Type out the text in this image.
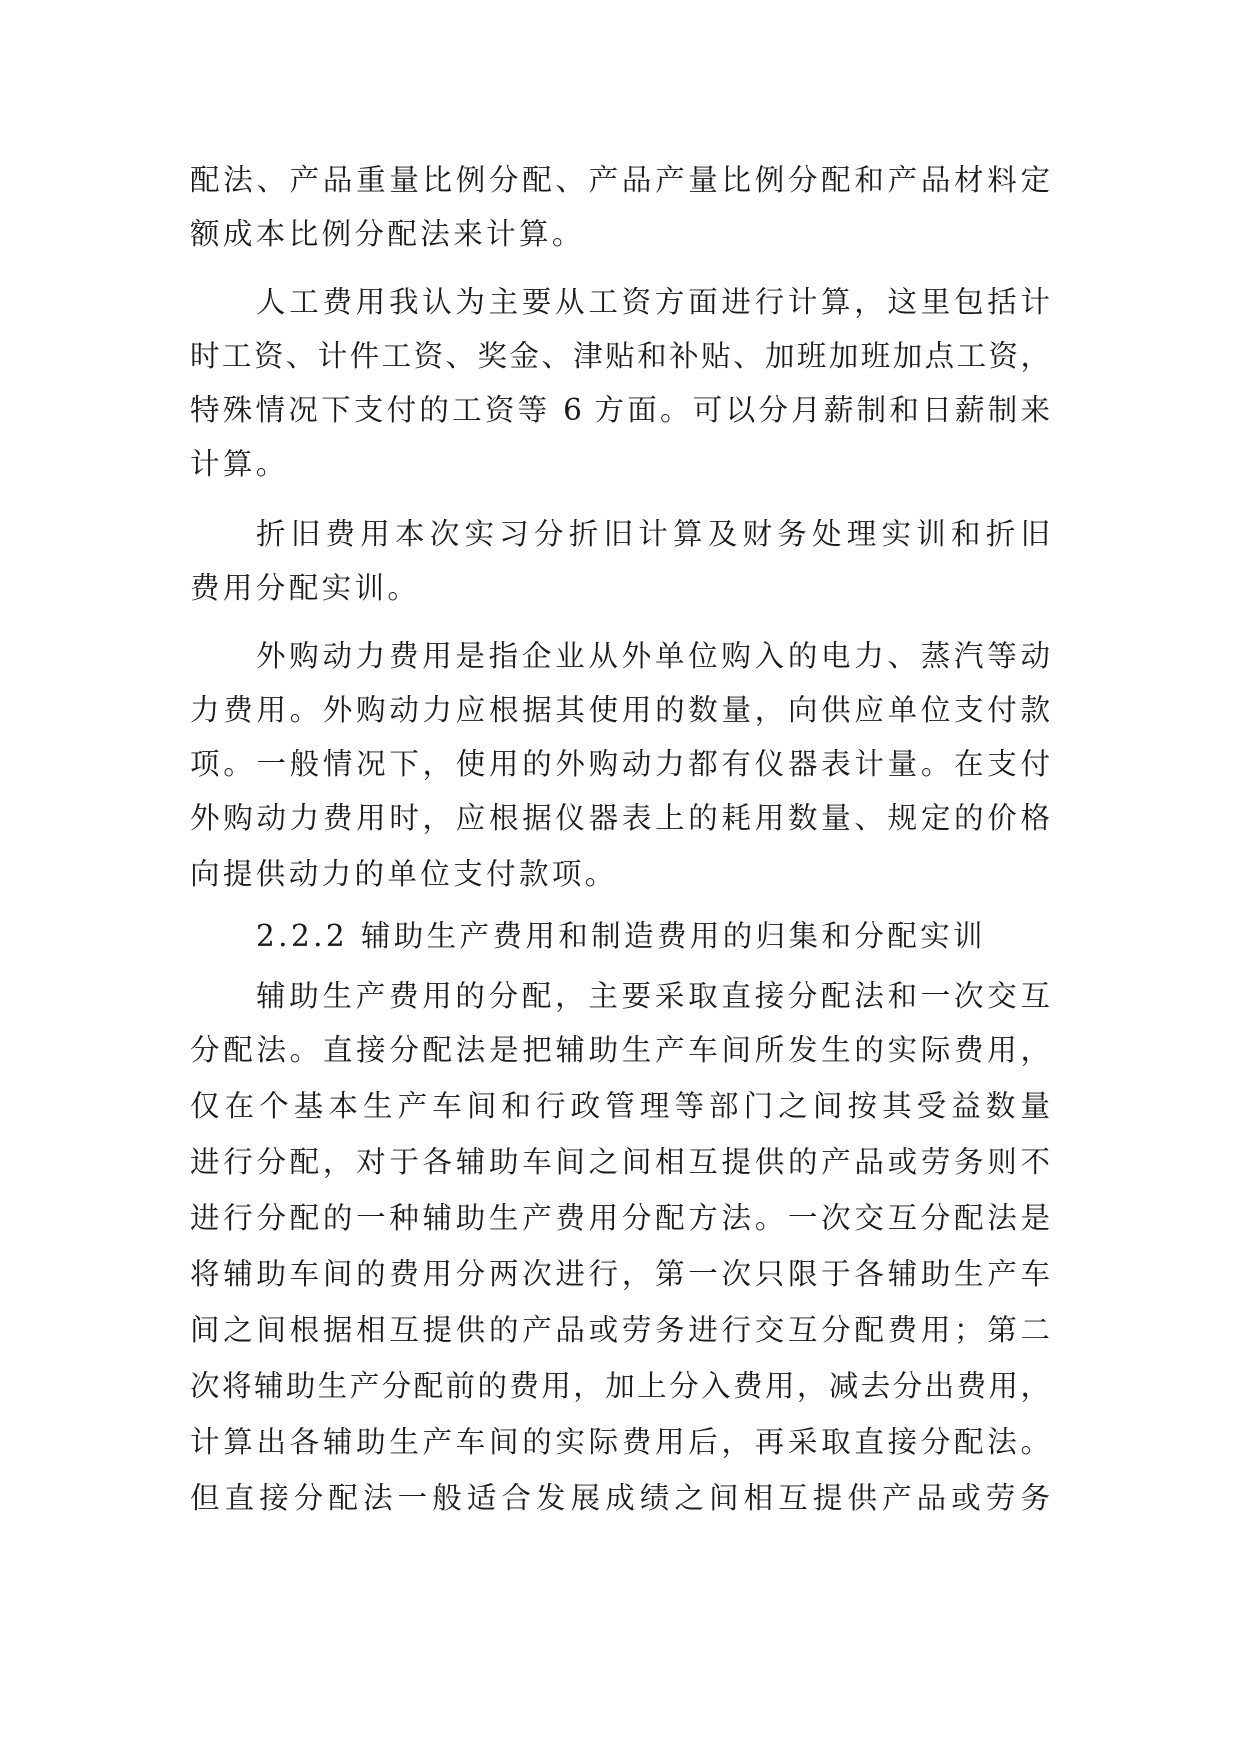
配法、产品重量比例分配、产品产量比例分配和产品材料定
额成本比例分配法来计算。
人工费用我认为主要从工资方面进行计算，这里包括计
时工资、计件工资、奖金、津贴和补贴、加班加班加点工资，
特殊情况下支付的工资等 6 方面。可以分月薪制和日薪制来
计算。
折旧费用本次实习分折旧计算及财务处理实训和折旧
费用分配实训。
外购动力费用是指企业从外单位购入的电力、蒸汽等动
力费用。外购动力应根据其使用的数量，向供应单位支付款
项。一般情况下，使用的外购动力都有仪器表计量。在支付
外购动力费用时，应根据仪器表上的耗用数量、规定的价格
向提供动力的单位支付款项。
2.2.2 辅助生产费用和制造费用的归集和分配实训
辅助生产费用的分配，主要采取直接分配法和一次交互
分配法。直接分配法是把辅助生产车间所发生的实际费用，
仅在个基本生产车间和行政管理等部门之间按其受益数量
进行分配，对于各辅助车间之间相互提供的产品或劳务则不
进行分配的一种辅助生产费用分配方法。一次交互分配法是
将辅助车间的费用分两次进行，第一次只限于各辅助生产车
间之间根据相互提供的产品或劳务进行交互分配费用；第二
次将辅助生产分配前的费用，加上分入费用，减去分出费用，
计算出各辅助生产车间的实际费用后，再采取直接分配法。
但直接分配法一般适合发展成绩之间相互提供产品或劳务
